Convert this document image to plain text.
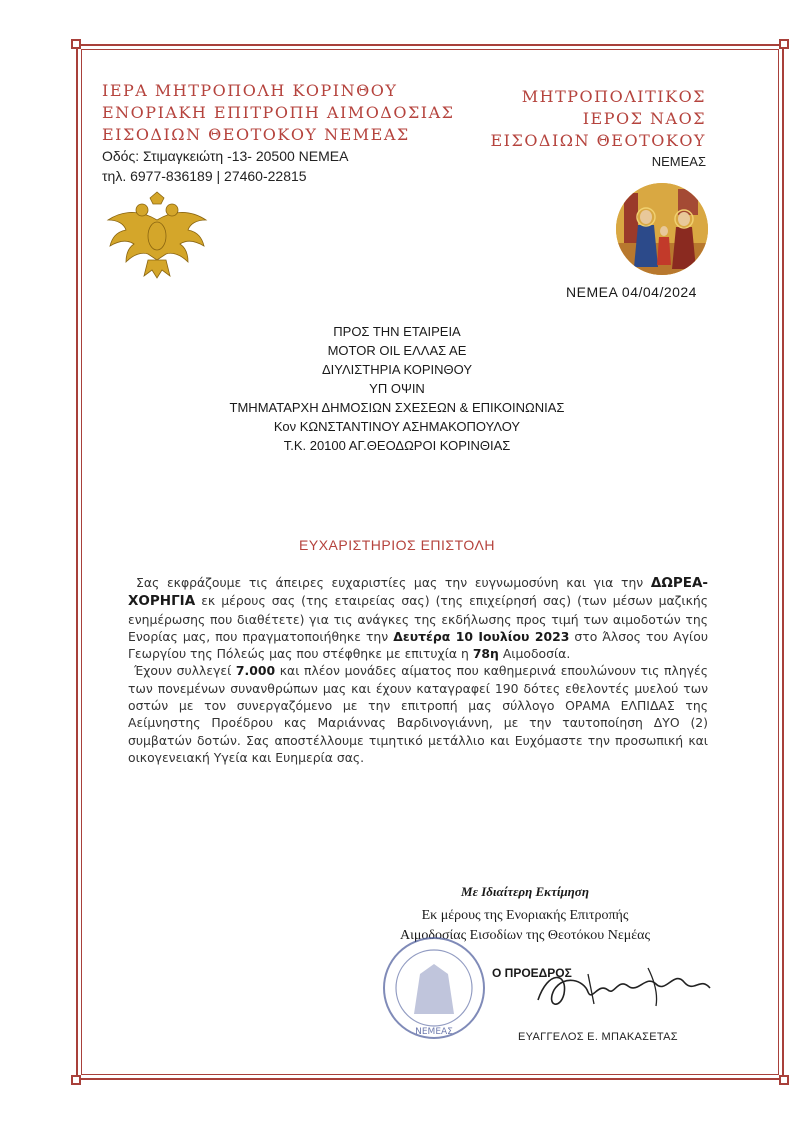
ΙΕΡΑ ΜΗΤΡΟΠΟΛΗ ΚΟΡΙΝΘΟΥ
ΕΝΟΡΙΑΚΗ ΕΠΙΤΡΟΠΗ ΑΙΜΟΔΟΣΙΑΣ
ΕΙΣΟΔΙΩΝ ΘΕΟΤΟΚΟΥ ΝΕΜΕΑΣ
Οδός: Στιμαγκειώτη -13- 20500 ΝΕΜΕΑ
τηλ. 6977-836189 | 27460-22815
ΜΗΤΡΟΠΟΛΙΤΙΚΟΣ
ΙΕΡΟΣ ΝΑΟΣ
ΕΙΣΟΔΙΩΝ ΘΕΟΤΟΚΟΥ
ΝΕΜΕΑΣ
ΝΕΜΕΑ 04/04/2024
ΠΡΟΣ ΤΗΝ ΕΤΑΙΡΕΙΑ
MOTOR OIL ΕΛΛΑΣ ΑΕ
ΔΙΥΛΙΣΤΗΡΙΑ ΚΟΡΙΝΘΟΥ
ΥΠ ΟΨΙΝ
ΤΜΗΜΑΤΑΡΧΗ ΔΗΜΟΣΙΩΝ ΣΧΕΣΕΩΝ & ΕΠΙΚΟΙΝΩΝΙΑΣ
Κον ΚΩΝΣΤΑΝΤΙΝΟΥ ΑΣΗΜΑΚΟΠΟΥΛΟΥ
Τ.Κ. 20100 ΑΓ.ΘΕΟΔΩΡΟΙ ΚΟΡΙΝΘΙΑΣ
ΕΥΧΑΡΙΣΤΗΡΙΟΣ ΕΠΙΣΤΟΛΗ

Σας εκφράζουμε τις άπειρες ευχαριστίες μας την ευγνωμοσύνη και για την ΔΩΡΕΑ-ΧΟΡΗΓΙΑ εκ μέρους σας (της εταιρείας σας) (της επιχείρησή σας) (των μέσων μαζικής ενημέρωσης που διαθέτετε) για τις ανάγκες της εκδήλωσης προς τιμή των αιμοδοτών της Ενορίας μας, που πραγματοποιήθηκε την Δευτέρα 10 Ιουλίου 2023 στο Άλσος του Αγίου Γεωργίου της Πόλεώς μας που στέφθηκε με επιτυχία η 78η Αιμοδοσία.

Έχουν συλλεγεί 7.000 και πλέον μονάδες αίματος που καθημερινά επουλώνουν τις πληγές των πονεμένων συνανθρώπων μας και έχουν καταγραφεί 190 δότες εθελοντές μυελού των οστών με τον συνεργαζόμενο με την επιτροπή μας σύλλογο ΟΡΑΜΑ ΕΛΠΙΔΑΣ της Αείμνηστης Προέδρου κας Μαριάννας Βαρδινογιάννη, με την ταυτοποίηση ΔΥΟ (2) συμβατών δοτών. Σας αποστέλλουμε τιμητικό μετάλλιο και Ευχόμαστε την προσωπική και οικογενειακή Υγεία και Ευημερία σας.

Με Ιδιαίτερη Εκτίμηση
Εκ μέρους της Ενοριακής Επιτροπής
Αιμοδοσίας Εισοδίων της Θεοτόκου Νεμέας
ΝΕΜΕΑΣ
Ο ΠΡΟΕΔΡΟΣ
ΕΥΑΓΓΕΛΟΣ Ε. ΜΠΑΚΑΣΕΤΑΣ
